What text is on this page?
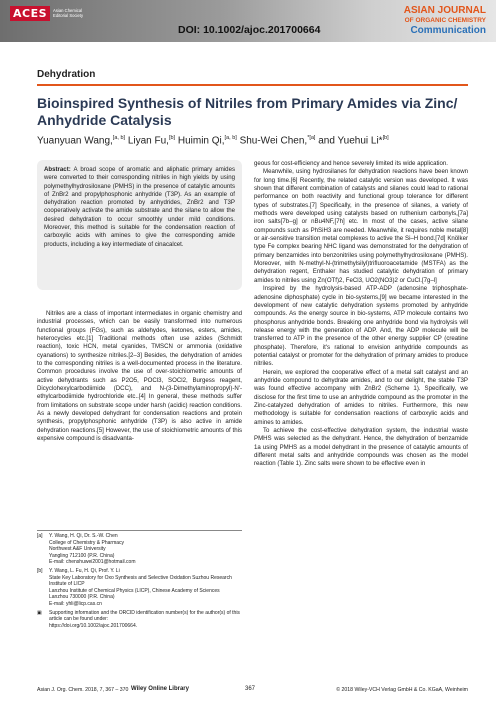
ACES	Asian Chemical Editorial Society
DOI: 10.1002/ajoc.201700664
ASIAN JOURNAL
OF ORGANIC CHEMISTRY
Communication
Dehydration
Bioinspired Synthesis of Nitriles from Primary Amides via Zinc/ Anhydride Catalysis
Yuanyuan Wang,[a, b] Liyan Fu,[b] Huimin Qi,[a, b] Shu-Wei Chen,$^{*[a]}$ and Yuehui Li*[b]
Abstract: A broad scope of aromatic and aliphatic primary amides were converted to their corresponding nitriles in high yields by using polymethylhydrosiloxane (PMHS) in the presence of catalytic amounts of ZnBr2 and propylphosphonic anhydride (T3P). As an example of dehydration reaction promoted by anhydrides, ZnBr2 and T3P cooperatively activate the amide substrate and the silane to allow the desired dehydration to occur smoothly under mild conditions. Moreover, this method is suitable for the condensation reaction of carboxylic acids with amines to give the corresponding amide products, including a key intermediate of cinacalcet.

Nitriles are a class of important intermediates in organic chemistry and industrial processes, which can be easily transformed into numerous functional groups (FGs), such as aldehydes, ketones, esters, amides, heterocycles etc.[1] Traditional methods often use azides (Schmidt reaction), toxic HCN, metal cyanides, TMSCN or ammonia (oxidative cyanations) to synthesize nitriles.[2–3] Besides, the dehydration of amides to the corresponding nitriles is a well-documented process in the literature. Common procedures involve the use of over-stoichiometric amounts of active dehydrants such as P2O5, POCl3, SOCl2, Burgess reagent, Dicyclohexylcarbodiimide (DCC), and N-(3-Dimethylaminopropyl)-N'-ethylcarbodiimide hydrochloride etc..[4] In general, these methods suffer from limitations on substrate scope under harsh (acidic) reaction conditions. As a newly developed dehydrant for condensation reactions and protein synthesis, propylphosphonic anhydride (T3P) is also active in amide dehydration reactions.[5] However, the use of stoichiometric amounts of this expensive compound is disadvanta-

geous for cost-efficiency and hence severely limited its wide application.

Meanwhile, using hydrosilanes for dehydration reactions have been known for long time.[6] Recently, the related catalytic version was developed. It was shown that different combination of catalysts and silanes could lead to rational performance on both reactivity and functional group tolerance for different types of substrates.[7] Specifically, in the presence of silanes, a variety of methods were developed using catalysts based on ruthenium carbonyls,[7a] iron salts[7b–g] or nBu4NF,[7h] etc. In most of the cases, active silane compounds such as PhSiH3 are needed. Meanwhile, it requires noble metal[8] or air-sensitive transition metal complexes to active the Si–H bond.[7d] Knölker type Fe complex bearing NHC ligand was demonstrated for the dehydration of primary benzamides into benzonitriles using polymethylhydrosiloxane (PMHS). Moreover, with N-methyl-N-(trimethylsilyl)trifluoroacetamide (MSTFA) as the dehydration regent, Enthaler has studied catalytic dehydration of primary amides to nitriles using Zn(OTf)2, FeCl3, UO2(NO3)2 or CuCl.[7g–l]

Inspired by the hydrolysis-based ATP-ADP (adenosine triphosphate-adenosine diphosphate) cycle in bio-systems,[9] we became interested in the development of new catalytic dehydration systems promoted by anhydride compounds. As the energy source in bio-systems, ATP molecule contains two phosphorus anhydride bonds. Breaking one anhydride bond via hydrolysis will release energy with the generation of ADP. And, the ADP molecule will be transferred to ATP in the presence of the other energy supplier CP (creatine phosphate). Therefore, it's rational to envision anhydride compounds as potential catalyst or promoter for the dehydration of primary amides to produce nitriles.

Herein, we explored the cooperative effect of a metal salt catalyst and an anhydride compound to dehydrate amides, and to our delight, the stable T3P was found effective accompany with ZnBr2 (Scheme 1). Specifically, we disclose for the first time to use an anhydride compound as the promoter in the Zinc-catalyzed dehydration of amides to nitriles. Furthermore, this new methodology is suitable for condensation reactions of carboxylic acids and amines to amides.

To achieve the cost-effective dehydration system, the industrial waste PMHS was selected as the dehydrant. Hence, the dehydration of benzamide 1a using PMHS as a model dehydrant in the presence of catalytic amounts of different metal salts and anhydride compounds was chosen as the model reaction (Table 1). Zinc salts were shown to be effective even in

[a]	Y. Wang, H. Qi, Dr. S.-W. Chen
College of Chemistry & Pharmacy
Northwest A&F University
Yangling 712100 (P.R. China)
E-mail: chenshuwei2001@hotmail.com
[b]	Y. Wang, L. Fu, H. Qi, Prof. Y. Li
State Key Laboratory for Oxo Synthesis and Selective Oxidation Suzhou Research Institute of LICP
Lanzhou Institute of Chemical Physics (LICP), Chinese Academy of Sciences
Lanzhou 730000 (P.R. China)
E-mail: yhli@licp.cas.cn
▣	Supporting information and the ORCID identification number(s) for the author(s) of this article can be found under:
https://doi.org/10.1002/ajoc.201700664.
Asian J. Org. Chem. 2018, 7, 367 – 370 Wiley Online Library	367	© 2018 Wiley-VCH Verlag GmbH & Co. KGaA, Weinheim
